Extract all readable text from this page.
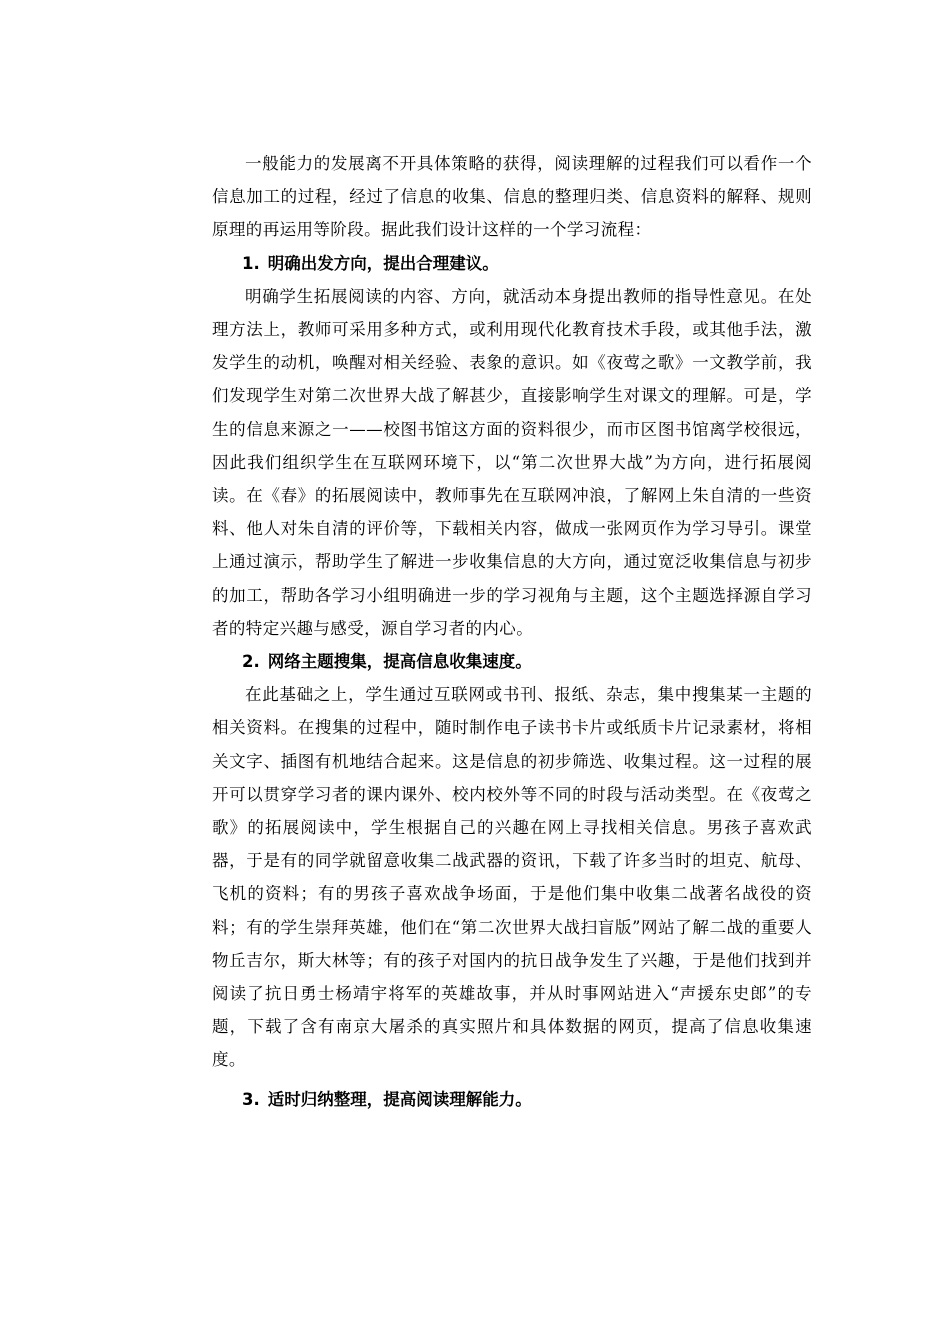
一般能力的发展离不开具体策略的获得，阅读理解的过程我们可以看作一个信息加工的过程，经过了信息的收集、信息的整理归类、信息资料的解释、规则原理的再运用等阶段。据此我们设计这样的一个学习流程：

1. 明确出发方向，提出合理建议。

明确学生拓展阅读的内容、方向，就活动本身提出教师的指导性意见。在处理方法上，教师可采用多种方式，或利用现代化教育技术手段，或其他手法，激发学生的动机，唤醒对相关经验、表象的意识。如《夜莺之歌》一文教学前，我们发现学生对第二次世界大战了解甚少，直接影响学生对课文的理解。可是，学生的信息来源之一——校图书馆这方面的资料很少，而市区图书馆离学校很远，因此我们组织学生在互联网环境下，以“第二次世界大战”为方向，进行拓展阅读。在《春》的拓展阅读中，教师事先在互联网冲浪，了解网上朱自清的一些资料、他人对朱自清的评价等，下载相关内容，做成一张网页作为学习导引。课堂上通过演示，帮助学生了解进一步收集信息的大方向，通过宽泛收集信息与初步的加工，帮助各学习小组明确进一步的学习视角与主题，这个主题选择源自学习者的特定兴趣与感受，源自学习者的内心。

2. 网络主题搜集，提高信息收集速度。

在此基础之上，学生通过互联网或书刊、报纸、杂志，集中搜集某一主题的相关资料。在搜集的过程中，随时制作电子读书卡片或纸质卡片记录素材，将相关文字、插图有机地结合起来。这是信息的初步筛选、收集过程。这一过程的展开可以贯穿学习者的课内课外、校内校外等不同的时段与活动类型。在《夜莺之歌》的拓展阅读中，学生根据自己的兴趣在网上寻找相关信息。男孩子喜欢武器，于是有的同学就留意收集二战武器的资讯，下载了许多当时的坦克、航母、飞机的资料；有的男孩子喜欢战争场面，于是他们集中收集二战著名战役的资料；有的学生崇拜英雄，他们在“第二次世界大战扫盲版”网站了解二战的重要人物丘吉尔，斯大林等；有的孩子对国内的抗日战争发生了兴趣，于是他们找到并阅读了抗日勇士杨靖宇将军的英雄故事，并从时事网站进入“声援东史郎”的专题，下载了含有南京大屠杀的真实照片和具体数据的网页，提高了信息收集速度。

3. 适时归纳整理，提高阅读理解能力。
